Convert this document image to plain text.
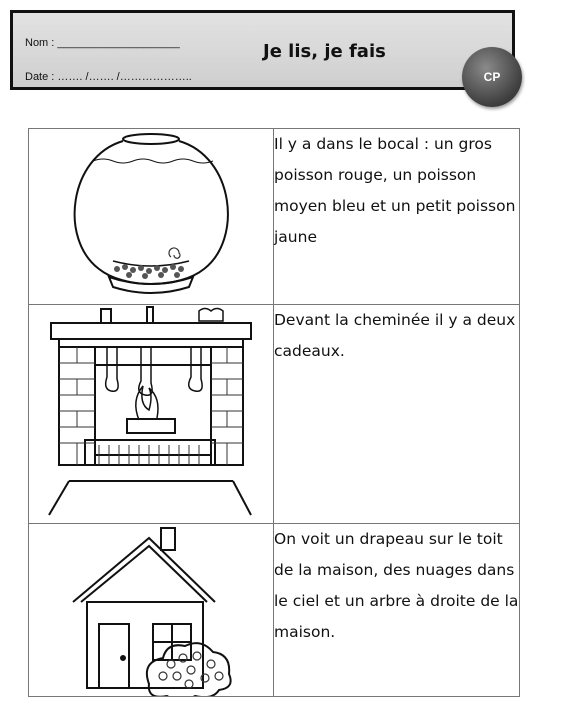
Nom : ____________________
Date : ……. /……. /………………..
Je lis, je fais
CP
	Il y a dans le bocal : un gros poisson rouge, un poisson moyen bleu et un petit poisson jaune

	Devant la cheminée il y a deux cadeaux.

	On voit un drapeau sur le toit de la maison, des nuages dans le ciel et un arbre à droite de la maison.
